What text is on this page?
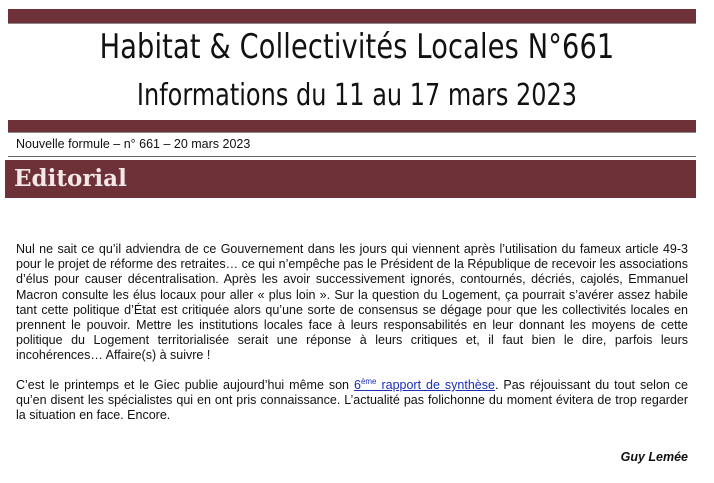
Habitat & Collectivités Locales N°661
Informations du 11 au 17 mars 2023
Nouvelle formule – n° 661 – 20 mars 2023
Editorial
Nul ne sait ce qu’il adviendra de ce Gouvernement dans les jours qui viennent après l’utilisation du fameux article 49-3 pour le projet de réforme des retraites… ce qui n’empêche pas le Président de la République de recevoir les associations d’élus pour causer décentralisation. Après les avoir successivement ignorés, contournés, décriés, cajolés, Emmanuel Macron consulte les élus locaux pour aller « plus loin ». Sur la question du Logement, ça pourrait s’avérer assez habile tant cette politique d’État est critiquée alors qu’une sorte de consensus se dégage pour que les collectivités locales en prennent le pouvoir. Mettre les institutions locales face à leurs responsabilités en leur donnant les moyens de cette politique du Logement territorialisée serait une réponse à leurs critiques et, il faut bien le dire, parfois leurs incohérences… Affaire(s) à suivre !
C’est le printemps et le Giec publie aujourd’hui même son 6ème rapport de synthèse. Pas réjouissant du tout selon ce qu’en disent les spécialistes qui en ont pris connaissance. L’actualité pas folichonne du moment évitera de trop regarder la situation en face. Encore.
Guy Lemée
